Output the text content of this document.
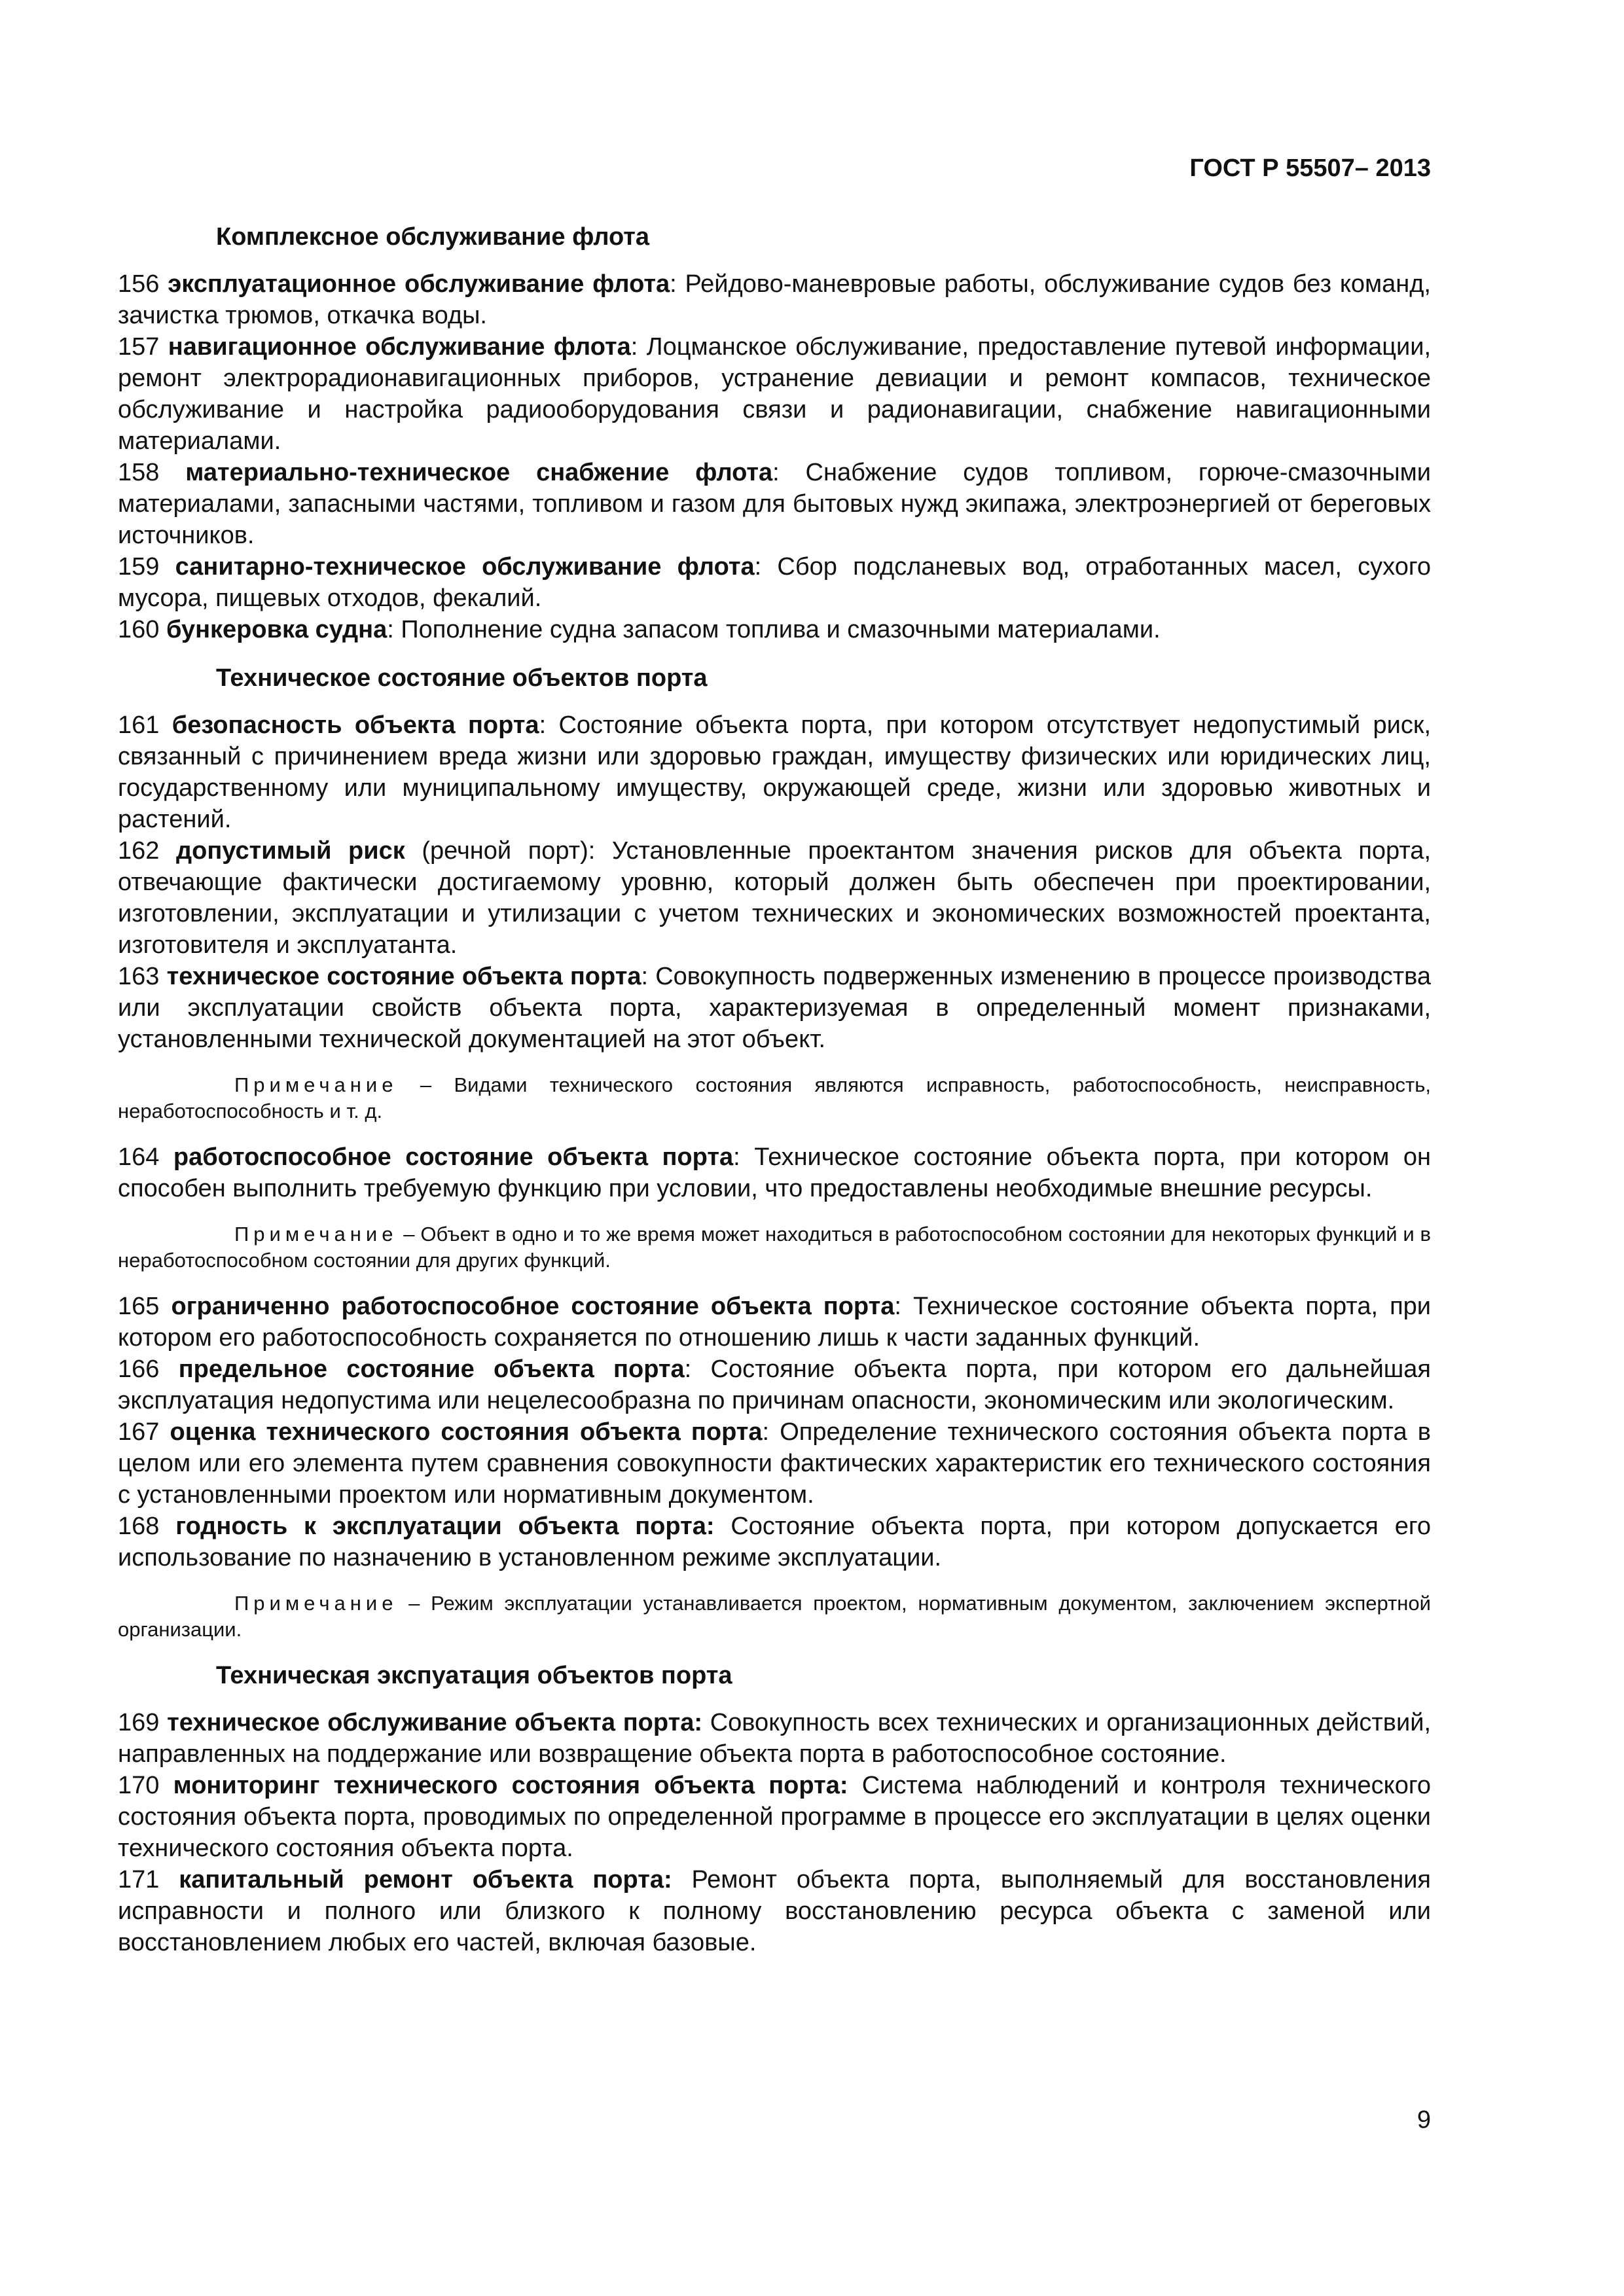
ГОСТ Р 55507– 2013
Комплексное обслуживание флота

156 эксплуатационное обслуживание флота: Рейдово-маневровые работы, обслуживание судов без команд, зачистка трюмов, откачка воды.

157 навигационное обслуживание флота: Лоцманское обслуживание, предоставление путевой информации, ремонт электрорадионавигационных приборов, устранение девиации и ремонт компасов, техническое обслуживание и настройка радиооборудования связи и радионавигации, снабжение навигационными материалами.

158 материально-техническое снабжение флота: Снабжение судов топливом, горюче-смазочными материалами, запасными частями, топливом и газом для бытовых нужд экипажа, электроэнергией от береговых источников.

159 санитарно-техническое обслуживание флота: Сбор подсланевых вод, отработанных масел, сухого мусора, пищевых отходов, фекалий.

160 бункеровка судна: Пополнение судна запасом топлива и смазочными материалами.

Техническое состояние объектов порта

161 безопасность объекта порта: Состояние объекта порта, при котором отсутствует недопустимый риск, связанный с причинением вреда жизни или здоровью граждан, имуществу физических или юридических лиц, государственному или муниципальному имуществу, окружающей среде, жизни или здоровью животных и растений.

162 допустимый риск (речной порт): Установленные проектантом значения рисков для объекта порта, отвечающие фактически достигаемому уровню, который должен быть обеспечен при проектировании, изготовлении, эксплуатации и утилизации с учетом технических и экономических возможностей проектанта, изготовителя и эксплуатанта.

163 техническое состояние объекта порта: Совокупность подверженных изменению в процессе производства или эксплуатации свойств объекта порта, характеризуемая в определенный момент признаками, установленными технической документацией на этот объект.

Примечание – Видами технического состояния являются исправность, работоспособность, неисправность, неработоспособность и т. д.

164 работоспособное состояние объекта порта: Техническое состояние объекта порта, при котором он способен выполнить требуемую функцию при условии, что предоставлены необходимые внешние ресурсы.

Примечание – Объект в одно и то же время может находиться в работоспособном состоянии для некоторых функций и в неработоспособном состоянии для других функций.

165 ограниченно работоспособное состояние объекта порта: Техническое состояние объекта порта, при котором его работоспособность сохраняется по отношению лишь к части заданных функций.

166 предельное состояние объекта порта: Состояние объекта порта, при котором его дальнейшая эксплуатация недопустима или нецелесообразна по причинам опасности, экономическим или экологическим.

167 оценка технического состояния объекта порта: Определение технического состояния объекта порта в целом или его элемента путем сравнения совокупности фактических характеристик его технического состояния с установленными проектом или нормативным документом.

168 годность к эксплуатации объекта порта: Состояние объекта порта, при котором допускается его использование по назначению в установленном режиме эксплуатации.

Примечание – Режим эксплуатации устанавливается проектом, нормативным документом, заключением экспертной организации.

Техническая экспуатация объектов порта

169 техническое обслуживание объекта порта: Совокупность всех технических и организационных действий, направленных на поддержание или возвращение объекта порта в работоспособное состояние.

170 мониторинг технического состояния объекта порта: Система наблюдений и контроля технического состояния объекта порта, проводимых по определенной программе в процессе его эксплуатации в целях оценки технического состояния объекта порта.

171 капитальный ремонт объекта порта: Ремонт объекта порта, выполняемый для восстановления исправности и полного или близкого к полному восстановлению ресурса объекта с заменой или восстановлением любых его частей, включая базовые.

9
